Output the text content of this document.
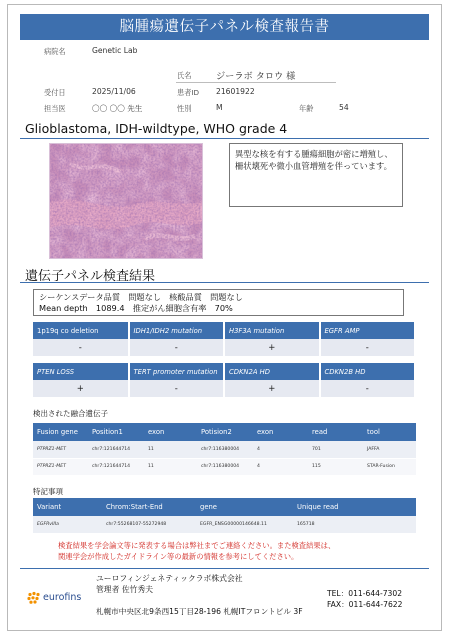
脳腫瘍遺伝子パネル検査報告書
病院名	Genetic Lab
氏名	ジーラボ タロウ 様
受付日	2025/11/06	患者ID 21601922
担当医	〇〇 〇〇 先生	性別	M	年齢	54
Glioblastoma, IDH-wildtype, WHO grade 4
異型な核を有する腫瘍細胞が密に増殖し、柵状壊死や微小血管増殖を伴っています。
遺伝子パネル検査結果
シーケンスデータ品質　問題なし　核酸品質　問題なし
Mean depth　1089.4　推定がん細胞含有率　70%
1p19q co deletion	IDH1/IDH2 mutation	H3F3A mutation	EGFR AMP
-	-	+	-
PTEN LOSS	TERT promoter mutation	CDKN2A HD	CDKN2B HD
+	-	+	-
検出された融合遺伝子
Fusion gene	Position1	exon	Potision2	exon	read	tool
PTPRZ1-MET	chr7:121644714	11	chr7:116380004	4	701	JAFFA
PTPRZ1-MET	chr7:121644714	11	chr7:116380004	4	115	STAR-Fusion
特記事項
Variant	Chrom:Start-End	gene	Unique read
EGFRvIIIa	chr7:55268107-55272948	EGFR_ENSG00000146648.11	165718
検査結果を学会論文等に発表する場合は弊社までご連絡ください。また検査結果は、
関連学会が作成したガイドライン等の最新の情報を参考にしてください。
eurofins
ユーロフィンジェネティックラボ株式会社
管理者 佐竹秀夫
札幌市中央区北9条西15丁目28-196 札幌ITフロントビル 3F
TEL：011-644-7302
FAX：011-644-7622
